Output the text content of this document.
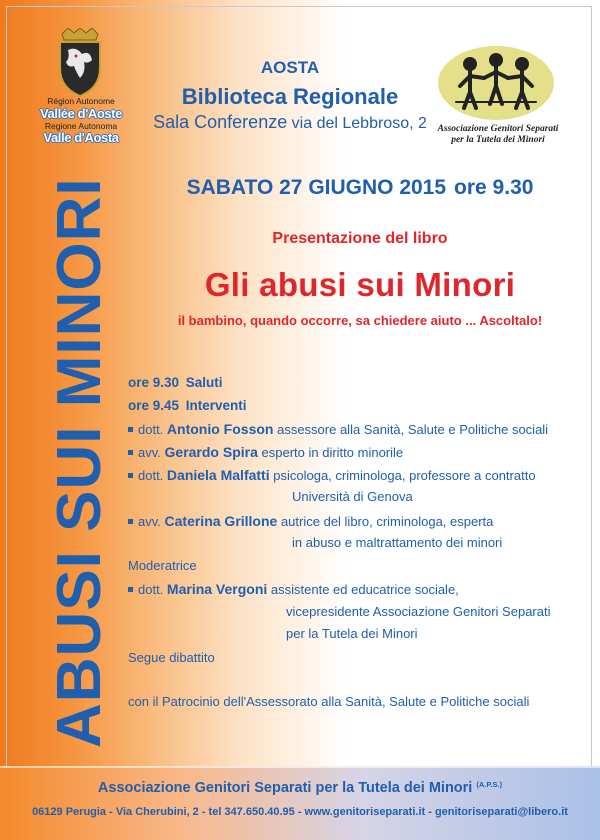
Région Autonome
Vallée d'Aoste
Regione Autonoma
Valle d'Aosta
ABUSI SUI MINORI
AOSTA
Biblioteca Regionale
Sala Conferenze via del Lebbroso, 2	Associazione Genitori Separati
per la Tutela dei Minori
SABATO 27 GIUGNO 2015 ore 9.30
Presentazione del libro
Gli abusi sui Minori
il bambino, quando occorre, sa chiedere aiuto ... Ascoltalo!
ore 9.30 Saluti
ore 9.45 Interventi
dott. Antonio Fosson assessore alla Sanità, Salute e Politiche sociali
avv. Gerardo Spira esperto in diritto minorile
dott. Daniela Malfatti psicologa, criminologa, professore a contratto
Università di Genova
avv. Caterina Grillone autrice del libro, criminologa, esperta
in abuso e maltrattamento dei minori
Moderatrice
dott. Marina Vergoni assistente ed educatrice sociale,
vicepresidente Associazione Genitori Separati
per la Tutela dei Minori
Segue dibattito
con il Patrocinio dell'Assessorato alla Sanità, Salute e Politiche sociali
Associazione Genitori Separati per la Tutela dei Minori $^{(A.P.S.)}$
06129 Perugia - Via Cherubini, 2 - tel 347.650.40.95 - www.genitoriseparati.it - genitoriseparati@libero.it
